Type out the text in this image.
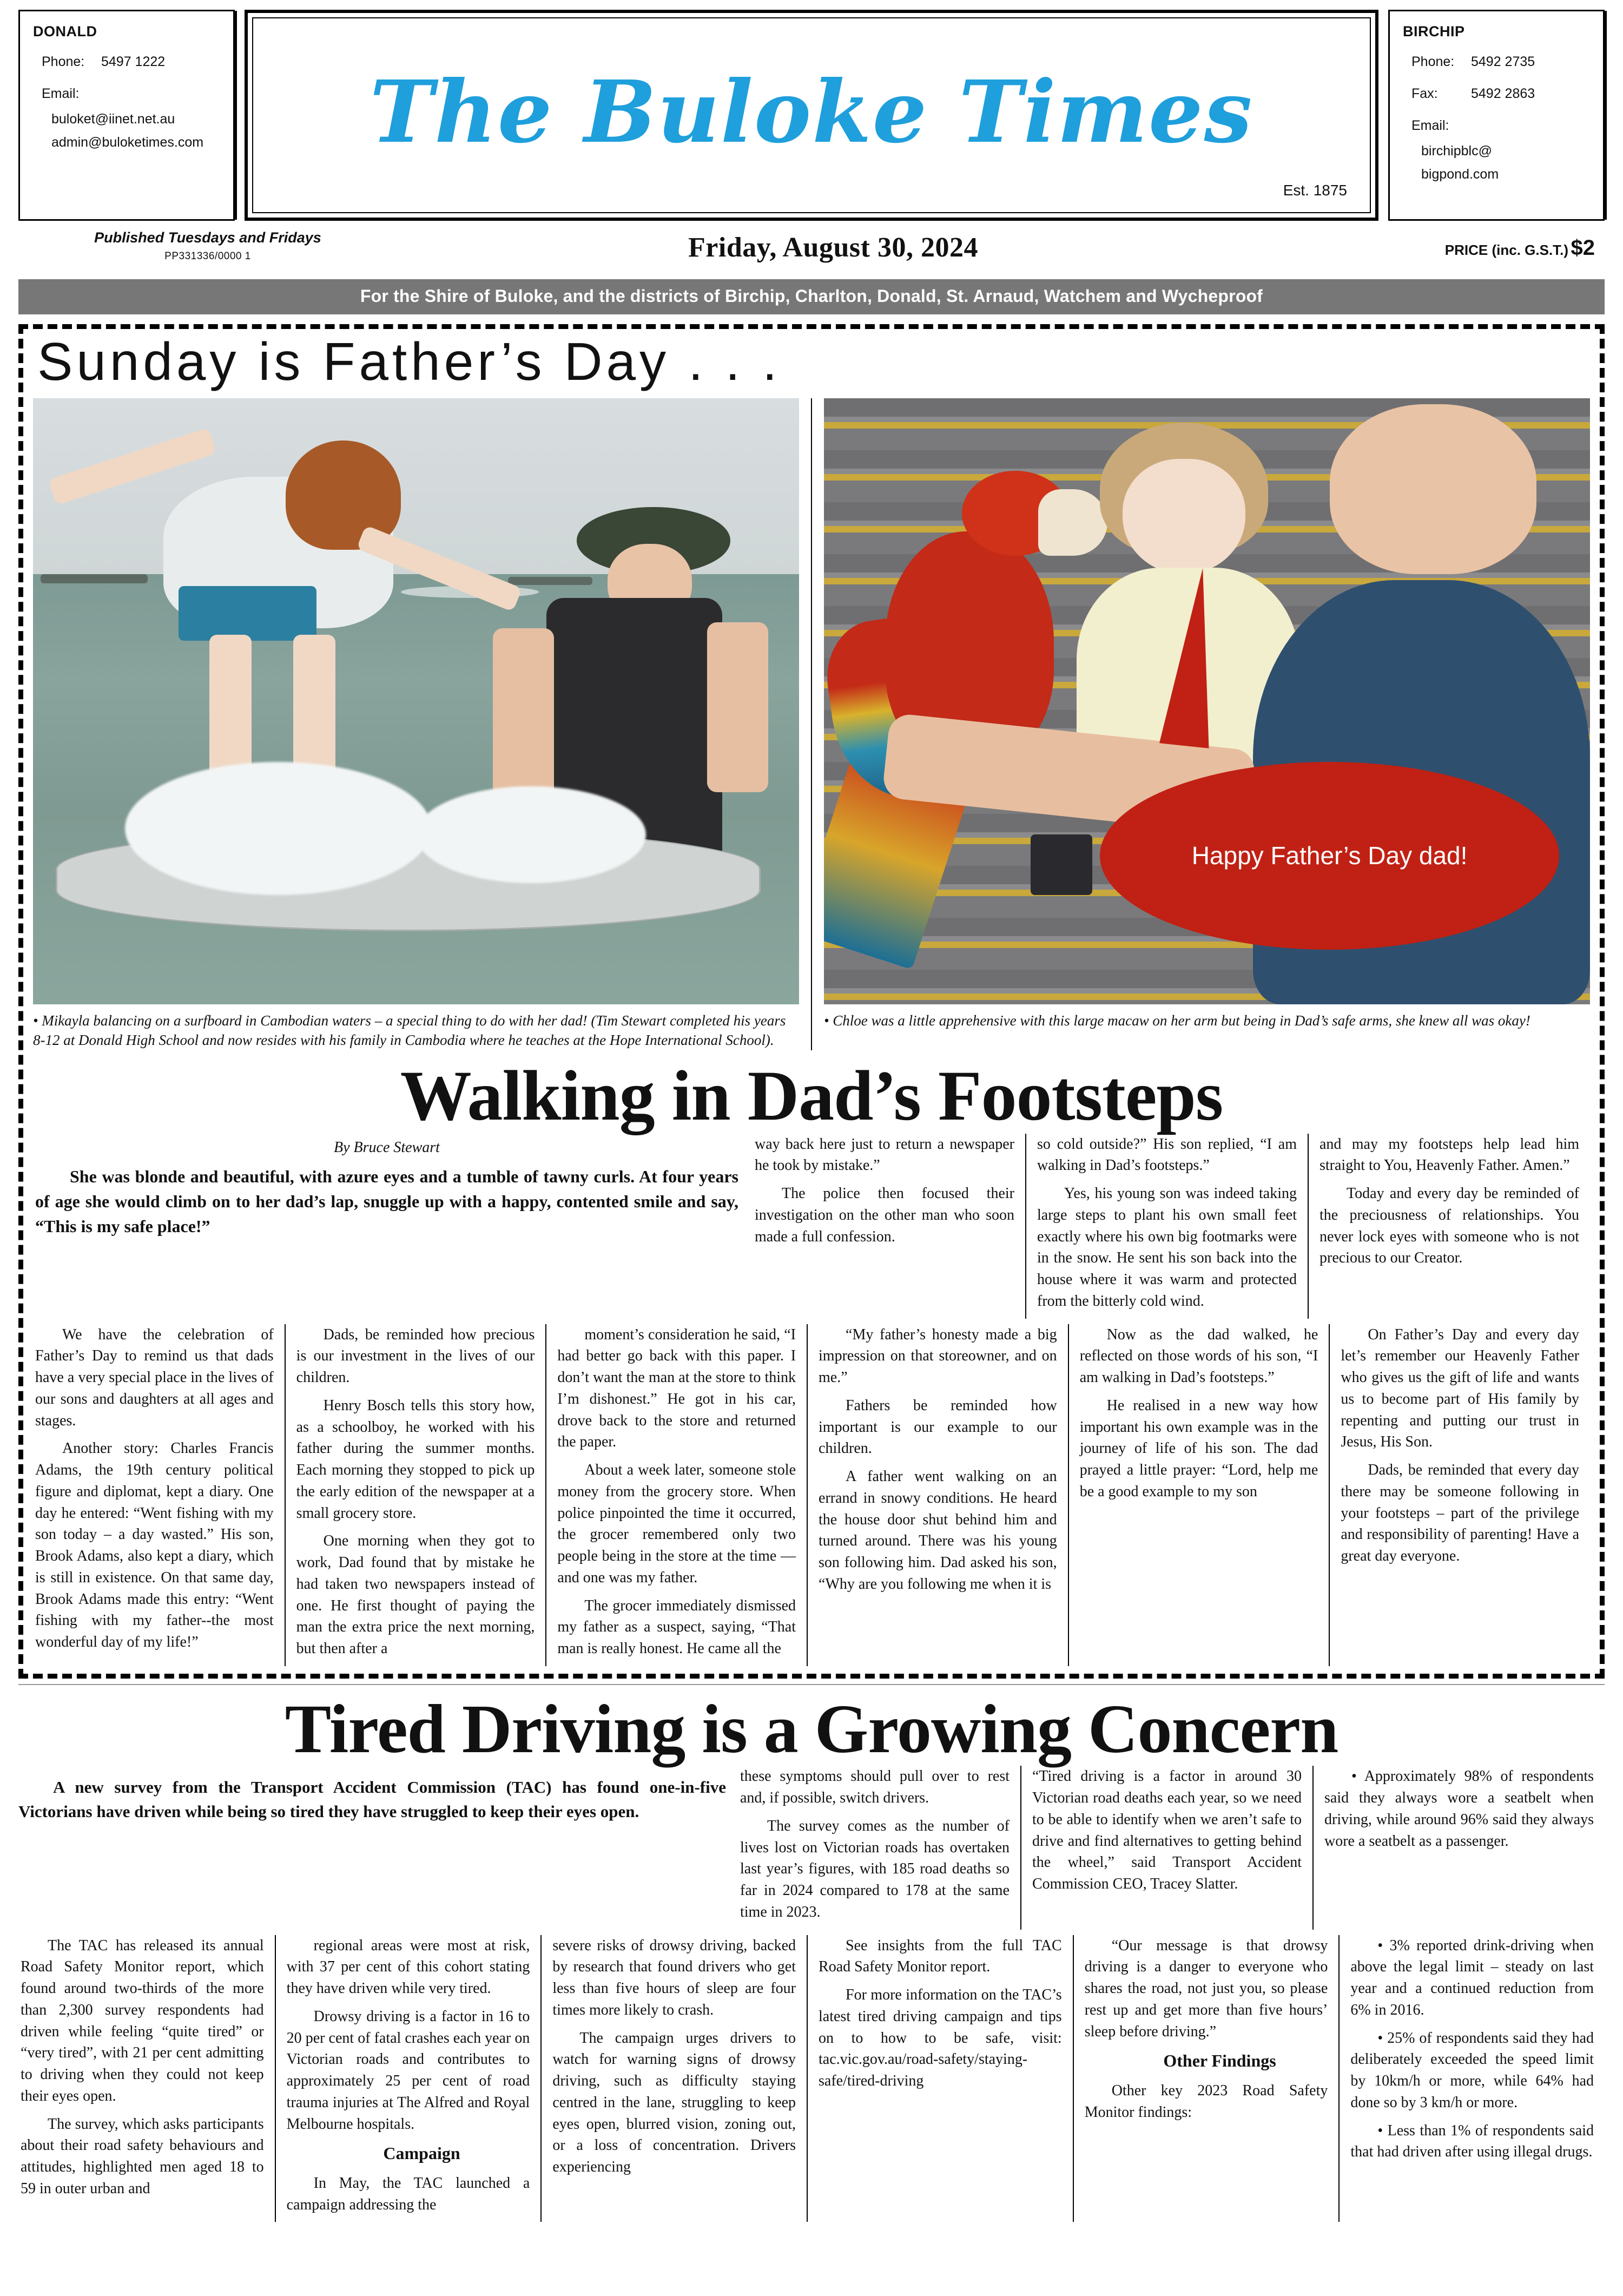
DONALD
Phone:	5497 1222
Email:
buloket@iinet.net.au
admin@buloketimes.com The Buloke Times
Est. 1875
BIRCHIP
Phone:	5492 2735
Fax:	5492 2863
Email:
birchipblc@
bigpond.com
Published Tuesdays and Fridays
PP331336/0000 1	Friday, August 30, 2024	PRICE (inc. G.S.T.) $2
For the Shire of Buloke, and the districts of Birchip, Charlton, Donald, St. Arnaud, Watchem and Wycheproof
Sunday is Father’s Day . . .
• Mikayla balancing on a surfboard in Cambodian waters – a special thing to do with her dad! (Tim Stewart completed his years 8-12 at Donald High School and now resides with his family in Cambodia where he teaches at the Hope International School).
Happy Father’s Day dad!
• Chloe was a little apprehensive with this large macaw on her arm but being in Dad’s safe arms, she knew all was okay!
Walking in Dad’s Footsteps
By Bruce Stewart
She was blonde and beautiful, with azure eyes and a tumble of tawny curls. At four years of age she would climb on to her dad’s lap, snuggle up with a happy, contented smile and say, “This is my safe place!”

way back here just to return a newspaper he took by mistake.”

The police then focused their investigation on the other man who soon made a full confession.

so cold outside?” His son replied, “I am walking in Dad’s footsteps.”

Yes, his young son was indeed taking large steps to plant his own small feet exactly where his own big footmarks were in the snow. He sent his son back into the house where it was warm and protected from the bitterly cold wind.

and may my footsteps help lead him straight to You, Heavenly Father. Amen.”

Today and every day be reminded of the preciousness of relationships. You never lock eyes with someone who is not precious to our Creator.

We have the celebration of Father’s Day to remind us that dads have a very special place in the lives of our sons and daughters at all ages and stages.

Another story: Charles Francis Adams, the 19th century political figure and diplomat, kept a diary. One day he entered: “Went fishing with my son today – a day wasted.” His son, Brook Adams, also kept a diary, which is still in existence. On that same day, Brook Adams made this entry: “Went fishing with my father--the most wonderful day of my life!”

Dads, be reminded how precious is our investment in the lives of our children.

Henry Bosch tells this story how, as a schoolboy, he worked with his father during the summer months. Each morning they stopped to pick up the early edition of the newspaper at a small grocery store.

One morning when they got to work, Dad found that by mistake he had taken two newspapers instead of one. He first thought of paying the man the extra price the next morning, but then after a

moment’s consideration he said, “I had better go back with this paper. I don’t want the man at the store to think I’m dishonest.” He got in his car, drove back to the store and returned the paper.

About a week later, someone stole money from the grocery store. When police pinpointed the time it occurred, the grocer remembered only two people being in the store at the time — and one was my father.

The grocer immediately dismissed my father as a suspect, saying, “That man is really honest. He came all the

“My father’s honesty made a big impression on that storeowner, and on me.”

Fathers be reminded how important is our example to our children.

A father went walking on an errand in snowy conditions. He heard the house door shut behind him and turned around. There was his young son following him. Dad asked his son, “Why are you following me when it is

Now as the dad walked, he reflected on those words of his son, “I am walking in Dad’s footsteps.”

He realised in a new way how important his own example was in the journey of life of his son. The dad prayed a little prayer: “Lord, help me be a good example to my son

On Father’s Day and every day let’s remember our Heavenly Father who gives us the gift of life and wants us to become part of His family by repenting and putting our trust in Jesus, His Son.

Dads, be reminded that every day there may be someone following in your footsteps – part of the privilege and responsibility of parenting! Have a great day everyone.

Tired Driving is a Growing Concern
A new survey from the Transport Accident Commission (TAC) has found one-in-five Victorians have driven while being so tired they have struggled to keep their eyes open.

these symptoms should pull over to rest and, if possible, switch drivers.

The survey comes as the number of lives lost on Victorian roads has overtaken last year’s figures, with 185 road deaths so far in 2024 compared to 178 at the same time in 2023.

“Tired driving is a factor in around 30 Victorian road deaths each year, so we need to be able to identify when we aren’t safe to drive and find alternatives to getting behind the wheel,” said Transport Accident Commission CEO, Tracey Slatter.

• Approximately 98% of respondents said they always wore a seatbelt when driving, while around 96% said they always wore a seatbelt as a passenger.

The TAC has released its annual Road Safety Monitor report, which found around two-thirds of the more than 2,300 survey respondents had driven while feeling “quite tired” or “very tired”, with 21 per cent admitting to driving when they could not keep their eyes open.

The survey, which asks participants about their road safety behaviours and attitudes, highlighted men aged 18 to 59 in outer urban and

regional areas were most at risk, with 37 per cent of this cohort stating they have driven while very tired.

Drowsy driving is a factor in 16 to 20 per cent of fatal crashes each year on Victorian roads and contributes to approximately 25 per cent of road trauma injuries at The Alfred and Royal Melbourne hospitals.

Campaign

In May, the TAC launched a campaign addressing the

severe risks of drowsy driving, backed by research that found drivers who get less than five hours of sleep are four times more likely to crash.

The campaign urges drivers to watch for warning signs of drowsy driving, such as difficulty staying centred in the lane, struggling to keep eyes open, blurred vision, zoning out, or a loss of concentration. Drivers experiencing

See insights from the full TAC Road Safety Monitor report.

For more information on the TAC’s latest tired driving campaign and tips on to how to be safe, visit: tac.vic.gov.au/road-safety/staying-safe/tired-driving

“Our message is that drowsy driving is a danger to everyone who shares the road, not just you, so please rest up and get more than five hours’ sleep before driving.”

Other Findings

Other key 2023 Road Safety Monitor findings:

• 3% reported drink-driving when above the legal limit – steady on last year and a continued reduction from 6% in 2016.

• 25% of respondents said they had deliberately exceeded the speed limit by 10km/h or more, while 64% had done so by 3 km/h or more.

• Less than 1% of respondents said that had driven after using illegal drugs.
